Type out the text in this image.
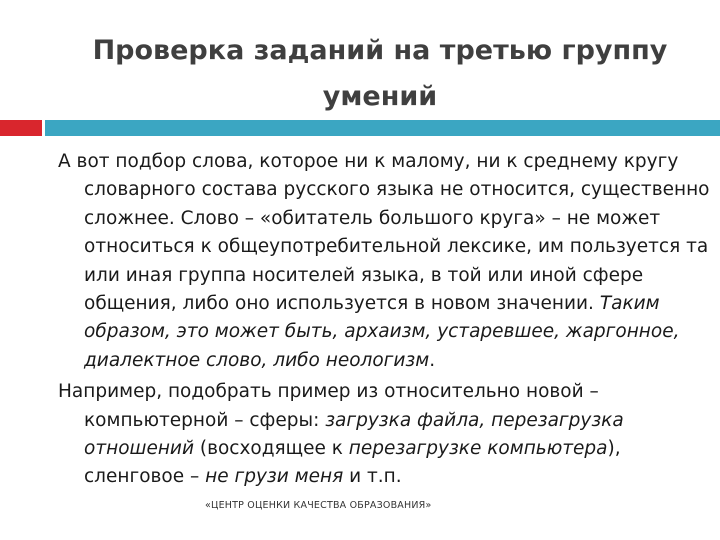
Проверка заданий на третью группу
умений

А вот подбор слова, которое ни к малому, ни к среднему кругу словарного состава русского языка не относится, существенно сложнее. Слово – «обитатель большого круга» – не может относиться к общеупотребительной лексике, им пользуется та или иная группа носителей языка, в той или иной сфере общения, либо оно используется в новом значении. Таким образом, это может быть, архаизм, устаревшее, жаргонное, диалектное слово, либо неологизм.

Например, подобрать пример из относительно новой – компьютерной – сферы: загрузка файла, перезагрузка отношений (восходящее к перезагрузке компьютера), сленговое – не грузи меня и т.п.

«ЦЕНТР ОЦЕНКИ КАЧЕСТВА ОБРАЗОВАНИЯ»
